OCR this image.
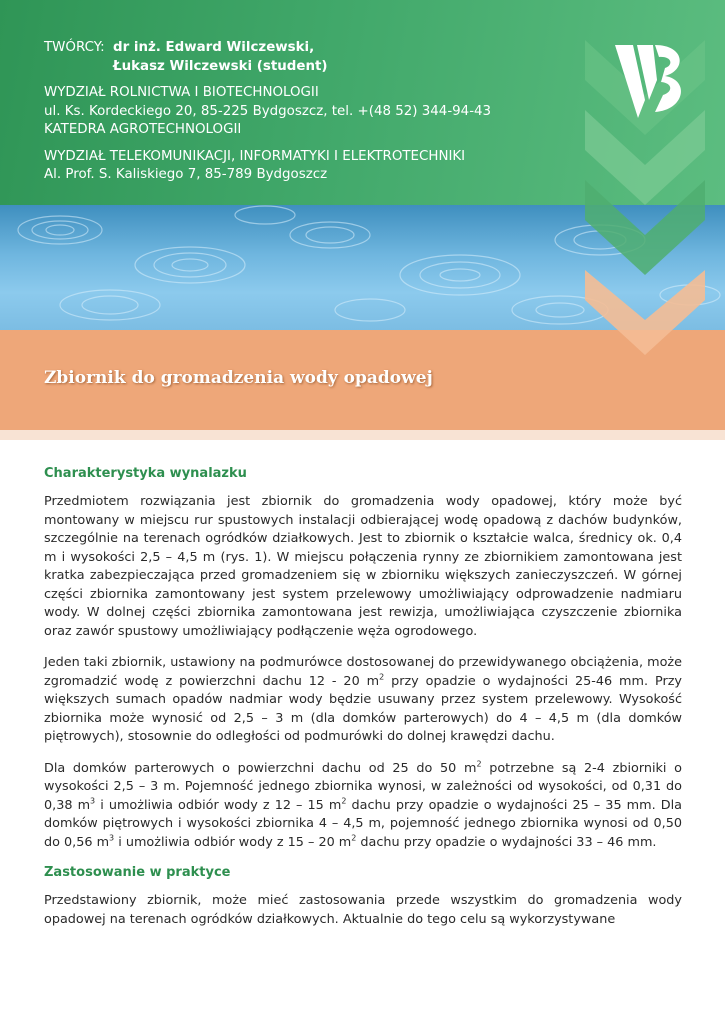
TWÓRCY: dr inż. Edward Wilczewski,
Łukasz Wilczewski (student)
WYDZIAŁ ROLNICTWA I BIOTECHNOLOGII
ul. Ks. Kordeckiego 20, 85-225 Bydgoszcz, tel. +(48 52) 344-94-43
KATEDRA AGROTECHNOLOGII
WYDZIAŁ TELEKOMUNIKACJI, INFORMATYKI I ELEKTROTECHNIKI
Al. Prof. S. Kaliskiego 7, 85-789 Bydgoszcz
Zbiornik do gromadzenia wody opadowej
Charakterystyka wynalazku

Przedmiotem rozwiązania jest zbiornik do gromadzenia wody opadowej, który może być montowany w miejscu rur spustowych instalacji odbierającej wodę opadową z dachów budynków, szczególnie na terenach ogródków działkowych. Jest to zbiornik o kształcie walca, średnicy ok. 0,4 m i wysokości 2,5 – 4,5 m (rys. 1). W miejscu połączenia rynny ze zbiornikiem zamontowana jest kratka zabezpieczająca przed gromadzeniem się w zbiorniku większych zanieczyszczeń. W górnej części zbiornika zamontowany jest system przelewowy umożliwiający odprowadzenie nadmiaru wody. W dolnej części zbiornika zamontowana jest rewizja, umożliwiająca czyszczenie zbiornika oraz zawór spustowy umożliwiający podłączenie węża ogrodowego.

Jeden taki zbiornik, ustawiony na podmurówce dostosowanej do przewidywanego obciążenia, może zgromadzić wodę z powierzchni dachu 12 - 20 $m^2$ przy opadzie o wydajności 25-46 mm. Przy większych sumach opadów nadmiar wody będzie usuwany przez system przelewowy. Wysokość zbiornika może wynosić od 2,5 – 3 m (dla domków parterowych) do 4 – 4,5 m (dla domków piętrowych), stosownie do odległości od podmurówki do dolnej krawędzi dachu.

Dla domków parterowych o powierzchni dachu od 25 do 50 $m^2$ potrzebne są 2-4 zbiorniki o wysokości 2,5 – 3 m. Pojemność jednego zbiornika wynosi, w zależności od wysokości, od 0,31 do 0,38 $m^3$ i umożliwia odbiór wody z 12 – 15 $m^2$ dachu przy opadzie o wydajności 25 – 35 mm. Dla domków piętrowych i wysokości zbiornika 4 – 4,5 m, pojemność jednego zbiornika wynosi od 0,50 do 0,56 $m^3$ i umożliwia odbiór wody z 15 – 20 $m^2$ dachu przy opadzie o wydajności 33 – 46 mm.

Zastosowanie w praktyce

Przedstawiony zbiornik, może mieć zastosowania przede wszystkim do gromadzenia wody opadowej na terenach ogródków działkowych. Aktualnie do tego celu są wykorzystywane
